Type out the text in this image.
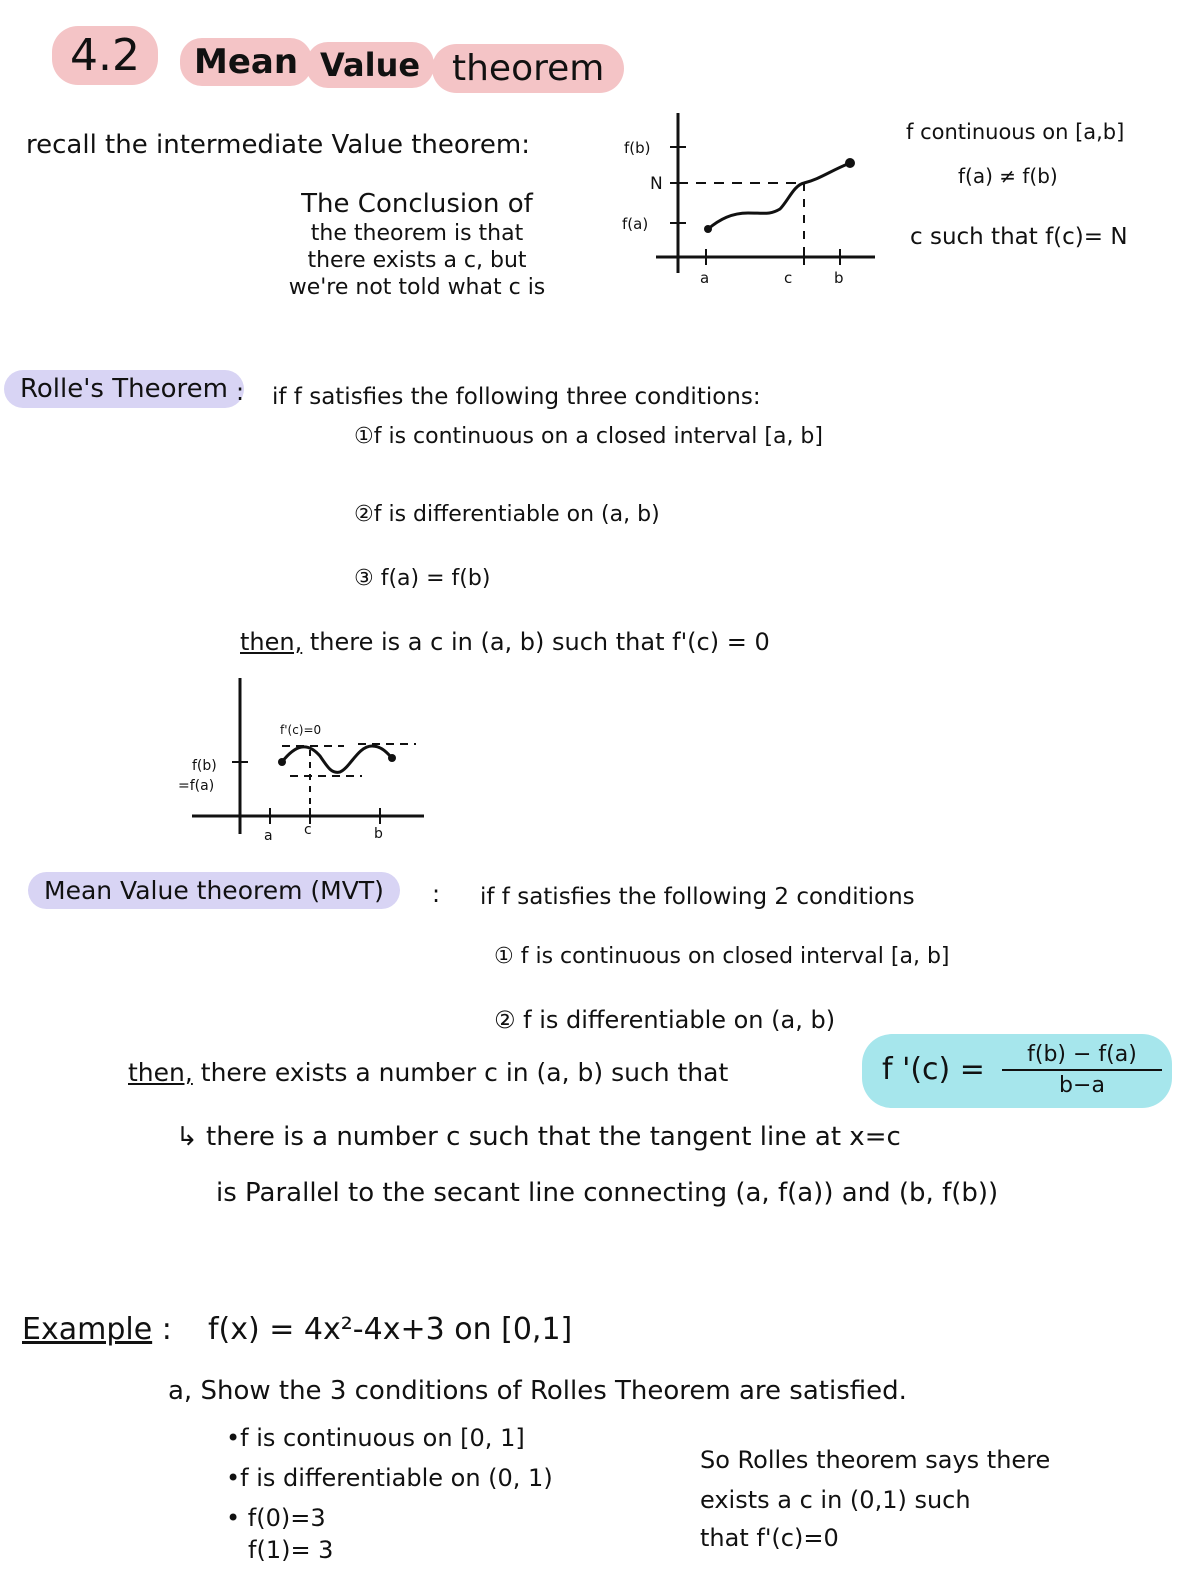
4.2	Mean Value theorem
recall the intermediate Value theorem:
The Conclusion of
the theorem is that
there exists a c, but
we're not told what c is
f(b)
N
f(a)
a	c	b
f continuous on [a,b]
f(a) ≠ f(b)
c such that f(c)= N
Rolle's Theorem : if f satisfies the following three conditions:
①f is continuous on a closed interval [a, b]
②f is differentiable on (a, b)
③ f(a) = f(b)
then, there is a c in (a, b) such that f'(c) = 0
f'(c)=0
f(b)
=f(a)
a c	b
Mean Value theorem (MVT)	: if f satisfies the following 2 conditions
① f is continuous on closed interval [a, b]
② f is differentiable on (a, b)
then, there exists a number c in (a, b) such that	f '$(c) = \frac{f(b) - f(a)}{b-a}$
↳ there is a number c such that the tangent line at x=c
is Parallel to the secant line connecting (a, f(a)) and (b, f(b))
Example : f(x) = 4x²-4x+3 on [0,1]
a, Show the 3 conditions of Rolles Theorem are satisfied.
•f is continuous on [0, 1]
•f is differentiable on (0, 1)
• f(0)=3
f(1)= 3
So Rolles theorem says there
exists a c in (0,1) such
that f'(c)=0
